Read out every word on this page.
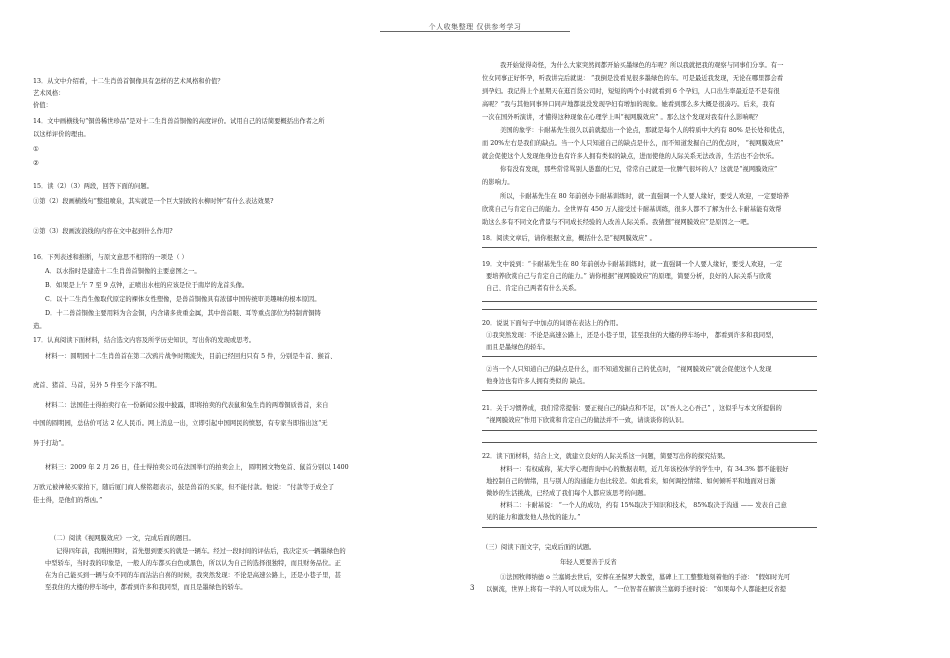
个人收集整理 仅供参考学习
13．从文中介绍看，十二生肖兽首铜像具有怎样的艺术风格和价值？
艺术风格：
价值：
14．文中画横线句“铜兽稀世珍品”是对十二生肖兽首铜像的高度评价。试用自己的话简要概括出作者之所
以这样评价的理由。
①
②
15．读（2）（3）两段，回答下面的问题。
①第（2）段画横线句“整组喷泉，其实就是一个巨大别致的水柳时钟”有什么表达效果?
②第（3）段画波浪线的内容在文中起到什么作用?
16．下列表述和推断，与原文意思不相符的一项是（ ）
A．以水指时是建造十二生肖兽首铜像的主要意图之一。
B．如果是上午 7 至 9 点钟，正喷出水柱的应该是位于南岸的龙首头像。
C．以十二生肖生像取代原定的裸体女性塑像，是兽首铜像具有浓郁中国传统审美趣味的根本原因。
D．十二兽首铜像主要用料为合金铜，内含诸多贵重金属，其中兽首眼、耳等重点部位为特制青铜铸
造。
17．认真阅读下面材料，结合选文内容及所学历史知识，写出你的发现或思考。
材料一：圆明园十二生肖兽首在第二次鸦片战争时期流失，目前已经回归只有 5 件，分别是牛首、猴首、
虎首、猪首、马首，另外 5 件至今下落不明。
材料二：法国佳士得拍卖行在一份新闻公报中披露，即将拍卖的代表鼠和兔生肖的两尊铜质兽首，来自
中国的圆明园，总估价可达 2 亿人民币。网上消息一出，立即引起中国网民的愤怒，有专家当即指出这“无
异于打劫”。
材料三：2009 年 2 月 26 日，佳士得拍卖公司在法国举行的拍卖会上， 圆明园文物免首、鼠首分别以 1400
万欧元被神秘买家拍下，随后厦门商人蔡铭超表示，鼓是兽首的买家，但不能付款。他说： “付款等于成全了
佳士得，是他们的帮凶。”
（二）阅读《视网膜效应》一文，完成后面的题目。
记得四年前，我刚担期时，首先想到要买的就是一辆车。经过一段时间的评估后，我决定买一辆墨绿色的
中型轿车，当时我的印象是，一般人的车都买白色或黑色，所以认为自己的选择很独特，而且财务品位。正
在为自己能买到一辆与众不同的车而沾沾自喜的时候，我突然发现：不论是高速公路上，还是小巷子里，甚
至我住的大楼的停车场中，都看到许多和我同型，而且是墨绿色的轿车。
我开始觉得奇怪，为什么大家突然间都开始买墨绿色的车呢？所以我就把我的观察与同事们分享。有一
位女同事正好怀孕，听我讲完后就说： “我倒是没看见很多墨绿色的车。可是最近我发现，无论在哪里都会看
到孕妇。我记得上个星期天在逛百货公司时，短短的两个小时就看到 6 个孕妇，人口出生率最近是不是有很
高呢？”我与其他同事异口同声地都说没发现孕妇有增加的现象。她看到那么多大概是很凑巧。后来，我有
一次在国外听演讲，才懂得这种现象在心理学上叫“视网膜效应” 。那么这个发现对我有什么影响呢？
美国的象学：卡耐基先生很久以前就提出一个论点，那就是每个人的特质中大约有 80% 是长处和优点，
而 20%左右是我们的缺点。当一个人只知道自己的缺点是什么，而不知道发掘自己的优点时， “视网膜效应”
就会促使这个人发现他身边也有许多人拥有类似的缺点，进而使他的人际关系无法改善，生活也不会快乐。
你有没有发现，那些常常骂别人愚蠢的仁兄，常常自己就是一位脾气很坏的人？这就是“视网膜效应”
的影响力。
所以，卡耐基先生在 80 年前创办卡耐基训练时，就一直强调一个人要人缘好，要受人欢迎，一定要培养
欣赏自己与肯定自己的能力。全世界有 450 万人接受过卡耐基训练，很多人都不了解为什么卡耐基能有效帮
助这么多有不同文化背景与不同成长经验的人改善人际关系。我猜想“视网膜效应”是原因之一吧。
18．阅读文章后，请你根据文意，概括什么是“视网膜效应” 。
19．文中说到：“卡耐基先生在 80 年前创办卡耐基训练时，就一直强调一个人要人缘好，要受人欢迎，一定
要培养欣赏自己与肯定自己的能力。” 请你根据“视网膜效应”的原理，简要分析，良好的人际关系与欣赏
自己、肯定自己两者有什么关系。
20．说说下面句子中加点的词语在表达上的作用。
①我突然发现：不论是高速公路上，还是小巷子里，甚至我住的大楼的停车场中， 都看到许多和我同型，
而且是墨绿色的轿车。
②当一个人只知道自己的缺点是什么，而不知道发掘自己的优点时， “视网膜效应”就会促使这个人发现
他身边也有许多人拥有类似的 缺点。
21．关于习惯养成，我们常常提倡：要正视自己的缺点和不足，以“吾人之心吾己” ，这似乎与本文所提倡的
“视网膜效应”作用下欣赏和肯定自己的做法并不一致，请谈谈你的认识。
22．读下面材料，结合上文，就建立良好的人际关系这一问题，简要写出你的探究结果。
材料一：有权威称，某大学心理咨询中心的数据表明，近几年该校休学的学生中，有 34.3% 都不能很好
地控制自己的情绪，且与别人的沟通能力也比较差。如此看来，如何调控情绪、如何倾听平和地面对日渐
微妙的生活挑战，已经成了我们每个人都应该思考的问题。
材料二：卡耐基说： “一个人的成功，约有 15%取决于知识和技术， 85%取决于沟通 —— 发表自己意
见的能力和激发他人热忱的能力。”
（三）阅读下面文字，完成后面的试题。
年轻人更要善于反省
①法国牧师纳德 o 兰塞姆去世后，安葬在圣保罗大教堂，墓碑上工工整整地刻着他的手迹： “假如时光可
以倒流，世界上将有一半的人可以成为伟人。 ”一位智者在解读兰塞姆手迹时说： “如果每个人都能把反省提
3
